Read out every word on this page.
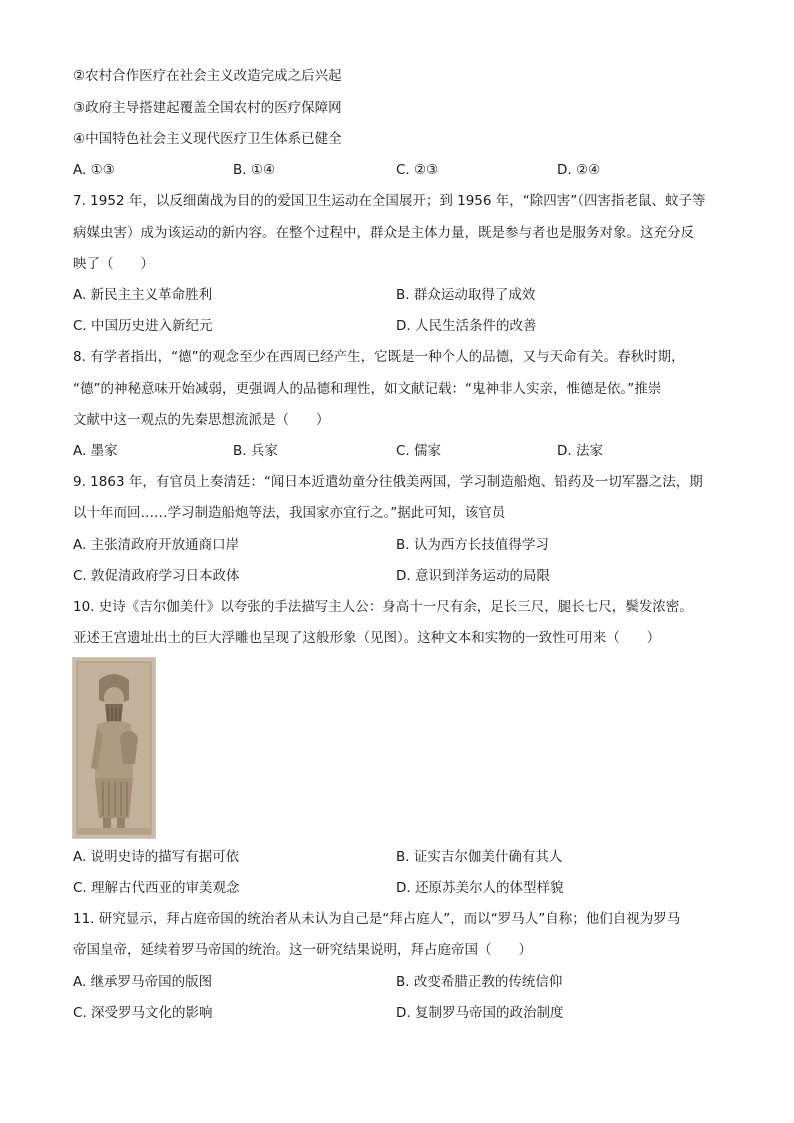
②农村合作医疗在社会主义改造完成之后兴起
③政府主导搭建起覆盖全国农村的医疗保障网
④中国特色社会主义现代医疗卫生体系已健全
A. ①③	B. ①④	C. ②③	D. ②④
7. 1952 年，以反细菌战为目的的爱国卫生运动在全国展开；到 1956 年，“除四害”（四害指老鼠、蚊子等
病媒虫害）成为该运动的新内容。在整个过程中，群众是主体力量，既是参与者也是服务对象。这充分反
映了（　　）
A. 新民主主义革命胜利	B. 群众运动取得了成效
C. 中国历史进入新纪元	D. 人民生活条件的改善
8. 有学者指出，“德”的观念至少在西周已经产生，它既是一种个人的品德，又与天命有关。春秋时期，
“德”的神秘意味开始减弱，更强调人的品德和理性，如文献记载：“鬼神非人实亲，惟德是依。”推崇
文献中这一观点的先秦思想流派是（　　）
A. 墨家	B. 兵家	C. 儒家	D. 法家
9. 1863 年，有官员上奏清廷：“闻日本近遣幼童分往俄美两国，学习制造船炮、铅药及一切军器之法，期
以十年而回……学习制造船炮等法，我国家亦宜行之。”据此可知，该官员
A. 主张清政府开放通商口岸	B. 认为西方长技值得学习
C. 敦促清政府学习日本政体	D. 意识到洋务运动的局限
10. 史诗《吉尔伽美什》以夸张的手法描写主人公：身高十一尺有余，足长三尺，腿长七尺，鬓发浓密。
亚述王宫遗址出土的巨大浮雕也呈现了这般形象（见图）。这种文本和实物的一致性可用来（　　）
A. 说明史诗的描写有据可依	B. 证实吉尔伽美什确有其人
C. 理解古代西亚的审美观念	D. 还原苏美尔人的体型样貌
11. 研究显示，拜占庭帝国的统治者从未认为自己是“拜占庭人”，而以“罗马人”自称；他们自视为罗马
帝国皇帝，延续着罗马帝国的统治。这一研究结果说明，拜占庭帝国（　　）
A. 继承罗马帝国的版图	B. 改变希腊正教的传统信仰
C. 深受罗马文化的影响	D. 复制罗马帝国的政治制度
